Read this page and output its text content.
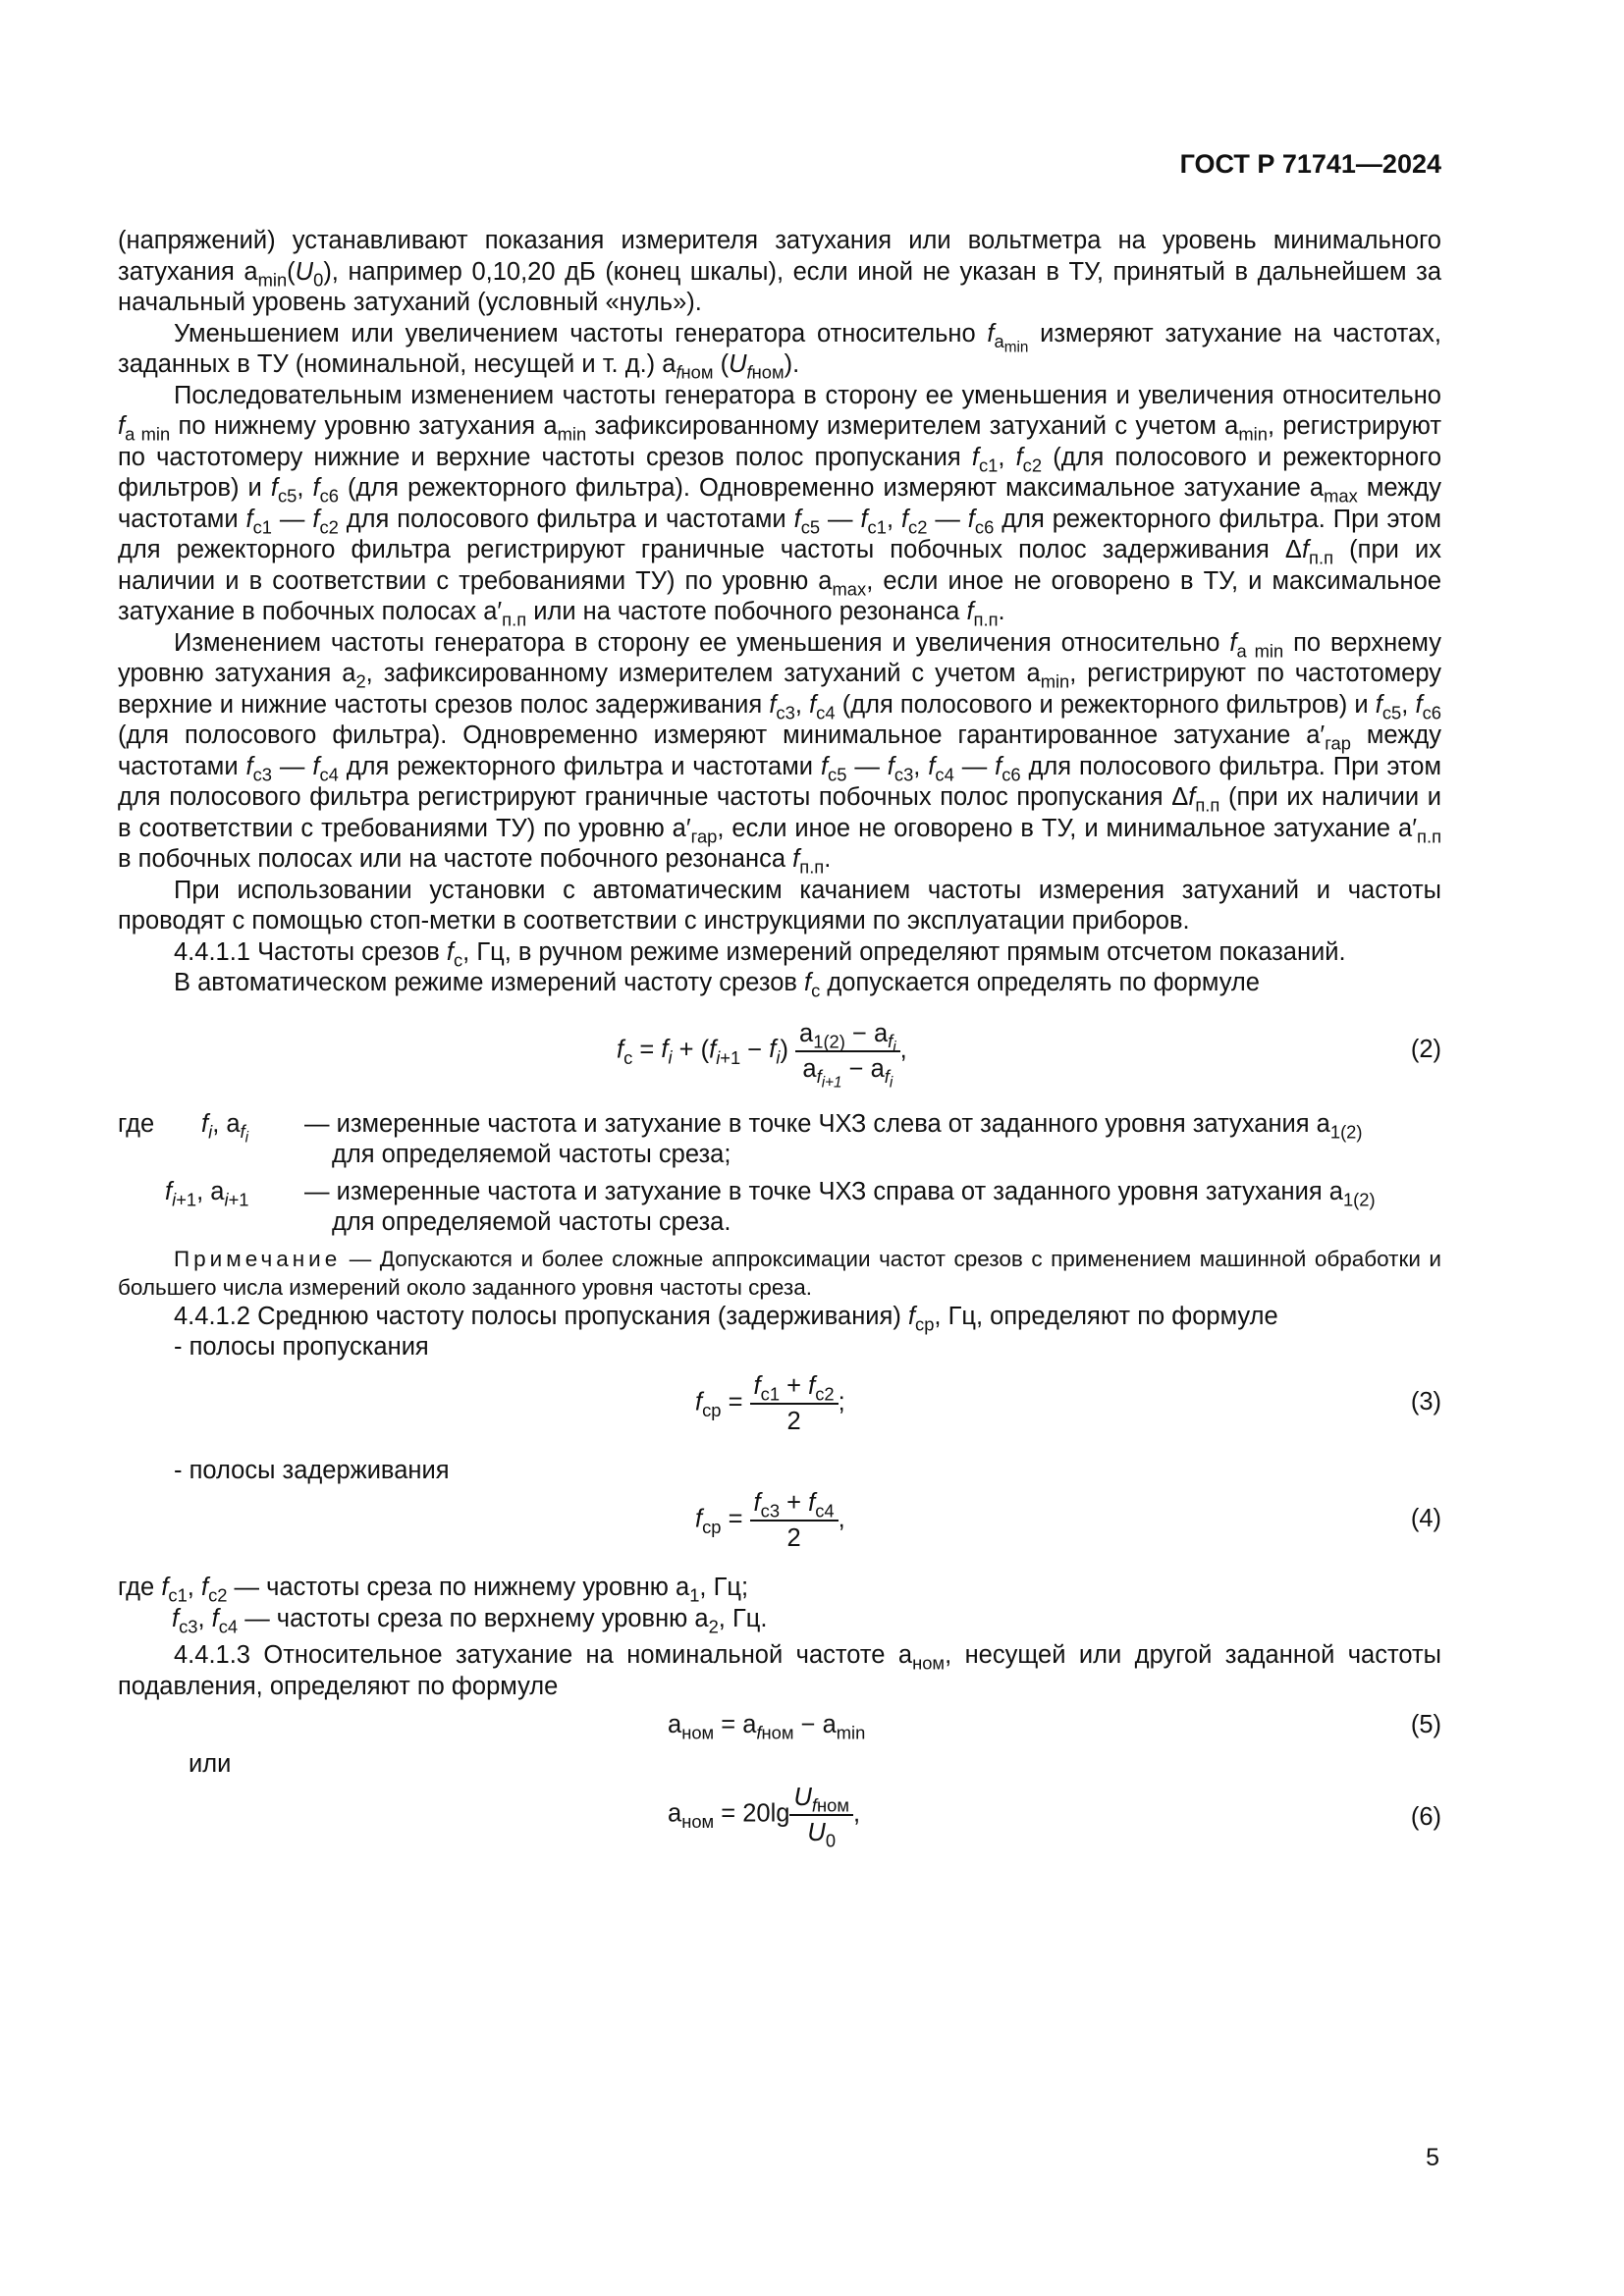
ГОСТ Р 71741—2024

(напряжений) устанавливают показания измерителя затухания или вольтметра на уровень минимального затухания $a_{min}(U_0)$, например 0,10,20 дБ (конец шкалы), если иной не указан в ТУ, принятый в дальнейшем за начальный уровень затуханий (условный «нуль»).

Уменьшением или увеличением частоты генератора относительно $f_{a_{min}}$ измеряют затухание на частотах, заданных в ТУ (номинальной, несущей и т. д.) $a_{fном}$ $(U_{fном})$.

Последовательным изменением частоты генератора в сторону ее уменьшения и увеличения относительно $f_{a min}$ по нижнему уровню затухания $a_{min}$ зафиксированному измерителем затуханий с учетом $a_{min}$, регистрируют по частотомеру нижние и верхние частоты срезов полос пропускания $f_{c1}$, $f_{c2}$ (для полосового и режекторного фильтров) и $f_{c5}$, $f_{c6}$ (для режекторного фильтра). Одновременно измеряют максимальное затухание $a_{max}$ между частотами $f_{c1}$ — $f_{c2}$ для полосового фильтра и частотами $f_{c5}$ — $f_{c1}$, $f_{c2}$ — $f_{c6}$ для режекторного фильтра. При этом для режекторного фильтра регистрируют граничные частоты побочных полос задерживания $\Delta f_{п.п}$ (при их наличии и в соответствии с требованиями ТУ) по уровню $a_{max}$, если иное не оговорено в ТУ, и максимальное затухание в побочных полосах $a'_{п.п}$ или на частоте побочного резонанса $f_{п.п}$.

Изменением частоты генератора в сторону ее уменьшения и увеличения относительно $f_{a min}$ по верхнему уровню затухания $a_2$, зафиксированному измерителем затуханий с учетом $a_{min}$, регистрируют по частотомеру верхние и нижние частоты срезов полос задерживания $f_{c3}$, $f_{c4}$ (для полосового и режекторного фильтров) и $f_{c5}$, $f_{c6}$ (для полосового фильтра). Одновременно измеряют минимальное гарантированное затухание $a'_{гар}$ между частотами $f_{c3}$ — $f_{c4}$ для режекторного фильтра и частотами $f_{c5}$ — $f_{c3}$, $f_{c4}$ — $f_{c6}$ для полосового фильтра. При этом для полосового фильтра регистрируют граничные частоты побочных полос пропускания $\Delta f_{п.п}$ (при их наличии и в соответствии с требованиями ТУ) по уровню $a'_{гар}$, если иное не оговорено в ТУ, и минимальное затухание $a'_{п.п}$ в побочных полосах или на частоте побочного резонанса $f_{п.п}$.

При использовании установки с автоматическим качанием частоты измерения затуханий и частоты проводят с помощью стоп-метки в соответствии с инструкциями по эксплуатации приборов.

4.4.1.1 Частоты срезов $f_c$, Гц, в ручном режиме измерений определяют прямым отсчетом показаний.

В автоматическом режиме измерений частоту срезов $f_c$ допускается определять по формуле

$f_c = f_i + (f_{i+1} - f_i) \frac{a_{1(2)} - a_{f_i}}{a_{f_{i+1}} - a_{f_i}}$ ,	(2)
где $f_i$, $a_{f_i}$
— измеренные частота и затухание в точке ЧХЗ слева от заданного уровня затухания $a_{1(2)}$
для определяемой частоты среза;
$f_{i+1}$, $a_{i+1}$ — измеренные частота и затухание в точке ЧХЗ справа от заданного уровня затухания $a_{1(2)}$
для определяемой частоты среза.

Примечание — Допускаются и более сложные аппроксимации частот срезов с применением машинной обработки и большего числа измерений около заданного уровня частоты среза.

4.4.1.2 Среднюю частоту полосы пропускания (задерживания) $f_{ср}$, Гц, определяют по формуле

- полосы пропускания

$f_{ср} = \frac{f_{c1} + f_{c2}}{2}$ ;	(3)

- полосы задерживания

$f_{ср} = \frac{f_{c3} + f_{c4}}{2}$ ,	(4)

где $f_{c1}$, $f_{c2}$ — частоты среза по нижнему уровню $a_1$, Гц;

$f_{c3}$, $f_{c4}$ — частоты среза по верхнему уровню $a_2$, Гц.

4.4.1.3 Относительное затухание на номинальной частоте $a_{ном}$, несущей или другой заданной частоты подавления, определяют по формуле

$a_{ном} = a_{fном} - a_{min}$	(5)

или

$a_{ном} = 20\lg \frac{U_{fном}}{U_0}$ ,	(6)
5
